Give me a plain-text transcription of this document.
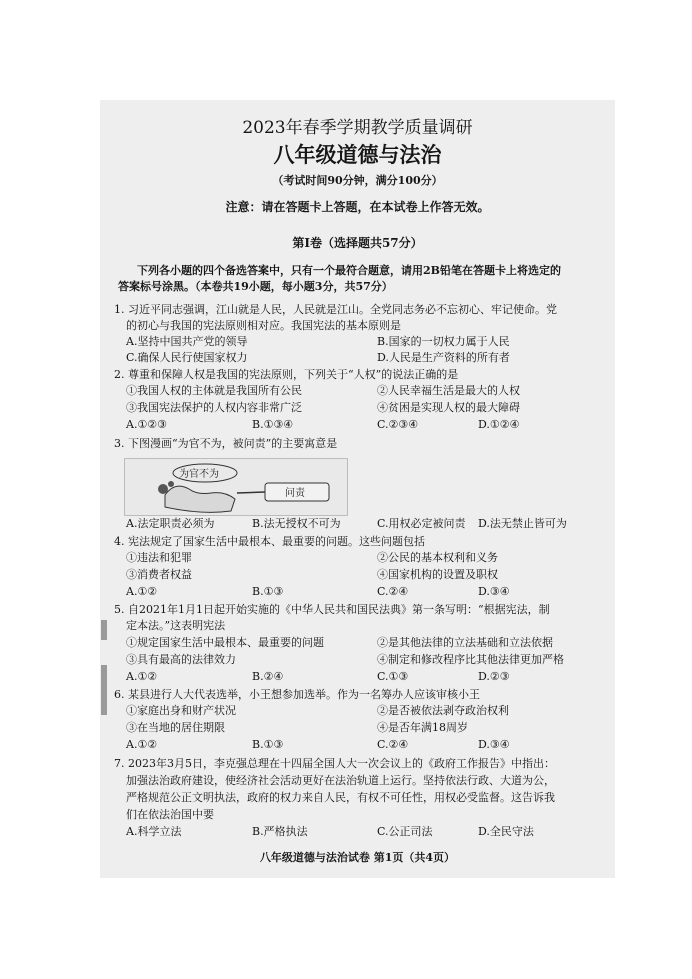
2023年春季学期教学质量调研
八年级道德与法治
（考试时间90分钟，满分100分）
注意：请在答题卡上答题，在本试卷上作答无效。
第Ⅰ卷（选择题共57分）
下列各小题的四个备选答案中，只有一个最符合题意，请用2B铅笔在答题卡上将选定的
答案标号涂黑。（本卷共19小题，每小题3分，共57分）
1. 习近平同志强调，江山就是人民，人民就是江山。全党同志务必不忘初心、牢记使命。党
的初心与我国的宪法原则相对应。我国宪法的基本原则是
A.坚持中国共产党的领导	B.国家的一切权力属于人民
C.确保人民行使国家权力	D.人民是生产资料的所有者
2. 尊重和保障人权是我国的宪法原则，下列关于“人权”的说法正确的是
①我国人权的主体就是我国所有公民	②人民幸福生活是最大的人权
③我国宪法保护的人权内容非常广泛	④贫困是实现人权的最大障碍
A.①②③	B.①③④	C.②③④	D.①②④
3. 下图漫画“为官不为，被问责”的主要寓意是
为官不为
问责
A.法定职责必须为	B.法无授权不可为	C.用权必定被问责 D.法无禁止皆可为
4. 宪法规定了国家生活中最根本、最重要的问题。这些问题包括
①违法和犯罪	②公民的基本权利和义务
③消费者权益	④国家机构的设置及职权
A.①②	B.①③	C.②④	D.③④
5. 自2021年1月1日起开始实施的《中华人民共和国民法典》第一条写明：“根据宪法，制
定本法。”这表明宪法
①规定国家生活中最根本、最重要的问题	②是其他法律的立法基础和立法依据
③具有最高的法律效力	④制定和修改程序比其他法律更加严格
A.①②	B.②④	C.①③	D.②③
6. 某县进行人大代表选举，小王想参加选举。作为一名筹办人应该审核小王
①家庭出身和财产状况	②是否被依法剥夺政治权利
③在当地的居住期限	④是否年满18周岁
A.①②	B.①③	C.②④	D.③④
7. 2023年3月5日，李克强总理在十四届全国人大一次会议上的《政府工作报告》中指出：
加强法治政府建设，使经济社会活动更好在法治轨道上运行。坚持依法行政、大道为公，
严格规范公正文明执法，政府的权力来自人民，有权不可任性，用权必受监督。这告诉我
们在依法治国中要
A.科学立法	B.严格执法	C.公正司法	D.全民守法
八年级道德与法治试卷 第1页（共4页）
